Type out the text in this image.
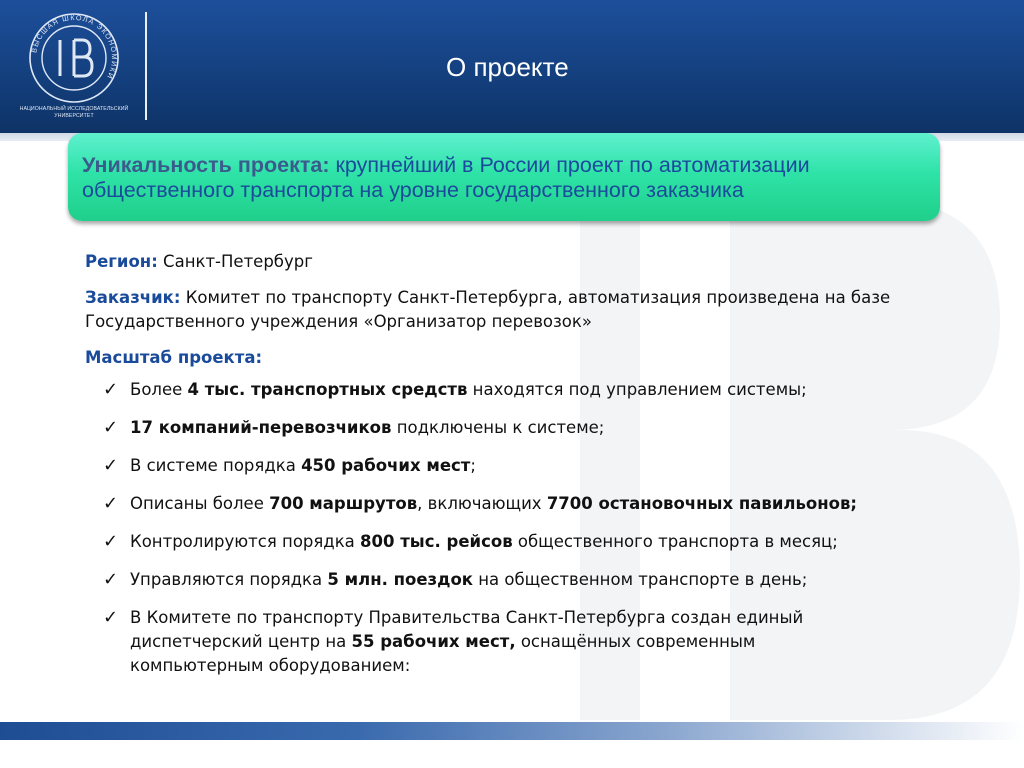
ВЫСШАЯ ШКОЛА ЭКОНОМИКИ
НАЦИОНАЛЬНЫЙ ИССЛЕДОВАТЕЛЬСКИЙ
УНИВЕРСИТЕТ
О проекте
Уникальность проекта: крупнейший в России проект по автоматизации общественного транспорта на уровне государственного заказчика

Регион: Санкт-Петербург

Заказчик: Комитет по транспорту Санкт-Петербурга, автоматизация произведена на базе Государственного учреждения «Организатор перевозок»

Масштаб проекта:

✓ Более 4 тыс. транспортных средств находятся под управлением системы;
✓ 17 компаний-перевозчиков подключены к системе;
✓ В системе порядка 450 рабочих мест;
✓ Описаны более 700 маршрутов, включающих 7700 остановочных павильонов;
✓ Контролируются порядка 800 тыс. рейсов общественного транспорта в месяц;
✓ Управляются порядка 5 млн. поездок на общественном транспорте в день;
✓ В Комитете по транспорту Правительства Санкт-Петербурга создан единый диспетчерский центр на 55 рабочих мест, оснащённых современным компьютерным оборудованием:
